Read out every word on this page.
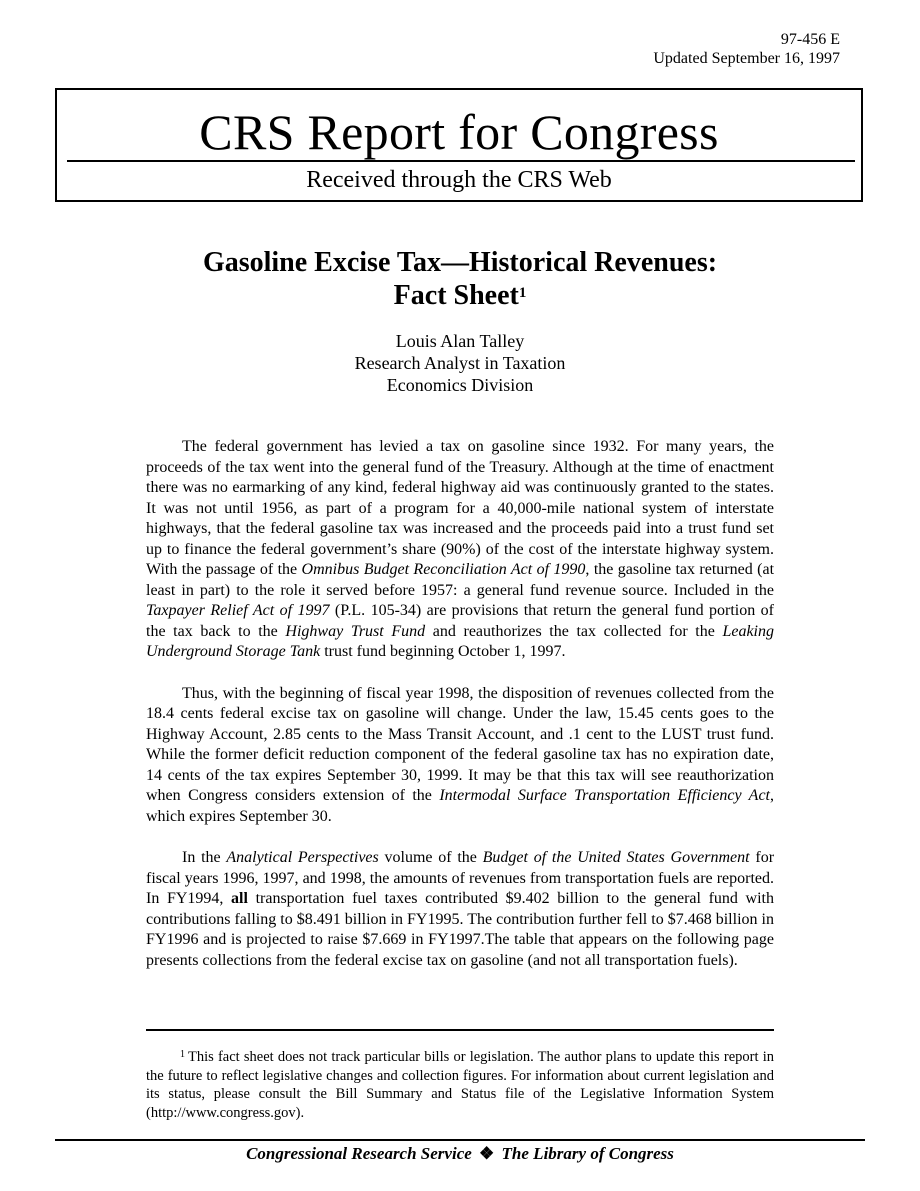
97-456 E
Updated September 16, 1997
CRS Report for Congress
Received through the CRS Web
Gasoline Excise Tax—Historical Revenues:
Fact Sheet$^1$
Louis Alan Talley
Research Analyst in Taxation
Economics Division

The federal government has levied a tax on gasoline since 1932. For many years, the proceeds of the tax went into the general fund of the Treasury. Although at the time of enactment there was no earmarking of any kind, federal highway aid was continuously granted to the states. It was not until 1956, as part of a program for a 40,000-mile national system of interstate highways, that the federal gasoline tax was increased and the proceeds paid into a trust fund set up to finance the federal government’s share (90%) of the cost of the interstate highway system. With the passage of the Omnibus Budget Reconciliation Act of 1990, the gasoline tax returned (at least in part) to the role it served before 1957: a general fund revenue source. Included in the Taxpayer Relief Act of 1997 (P.L. 105-34) are provisions that return the general fund portion of the tax back to the Highway Trust Fund and reauthorizes the tax collected for the Leaking Underground Storage Tank trust fund beginning October 1, 1997.

Thus, with the beginning of fiscal year 1998, the disposition of revenues collected from the 18.4 cents federal excise tax on gasoline will change. Under the law, 15.45 cents goes to the Highway Account, 2.85 cents to the Mass Transit Account, and .1 cent to the LUST trust fund. While the former deficit reduction component of the federal gasoline tax has no expiration date, 14 cents of the tax expires September 30, 1999. It may be that this tax will see reauthorization when Congress considers extension of the Intermodal Surface Transportation Efficiency Act, which expires September 30.

In the Analytical Perspectives volume of the Budget of the United States Government for fiscal years 1996, 1997, and 1998, the amounts of revenues from transportation fuels are reported. In FY1994, all transportation fuel taxes contributed $9.402 billion to the general fund with contributions falling to $8.491 billion in FY1995. The contribution further fell to $7.468 billion in FY1996 and is projected to raise $7.669 in FY1997.The table that appears on the following page presents collections from the federal excise tax on gasoline (and not all transportation fuels).

$^1$ This fact sheet does not track particular bills or legislation. The author plans to update this report in the future to reflect legislative changes and collection figures. For information about current legislation and its status, please consult the Bill Summary and Status file of the Legislative Information System (http://www.congress.gov).
Congressional Research Service ❖ The Library of Congress
